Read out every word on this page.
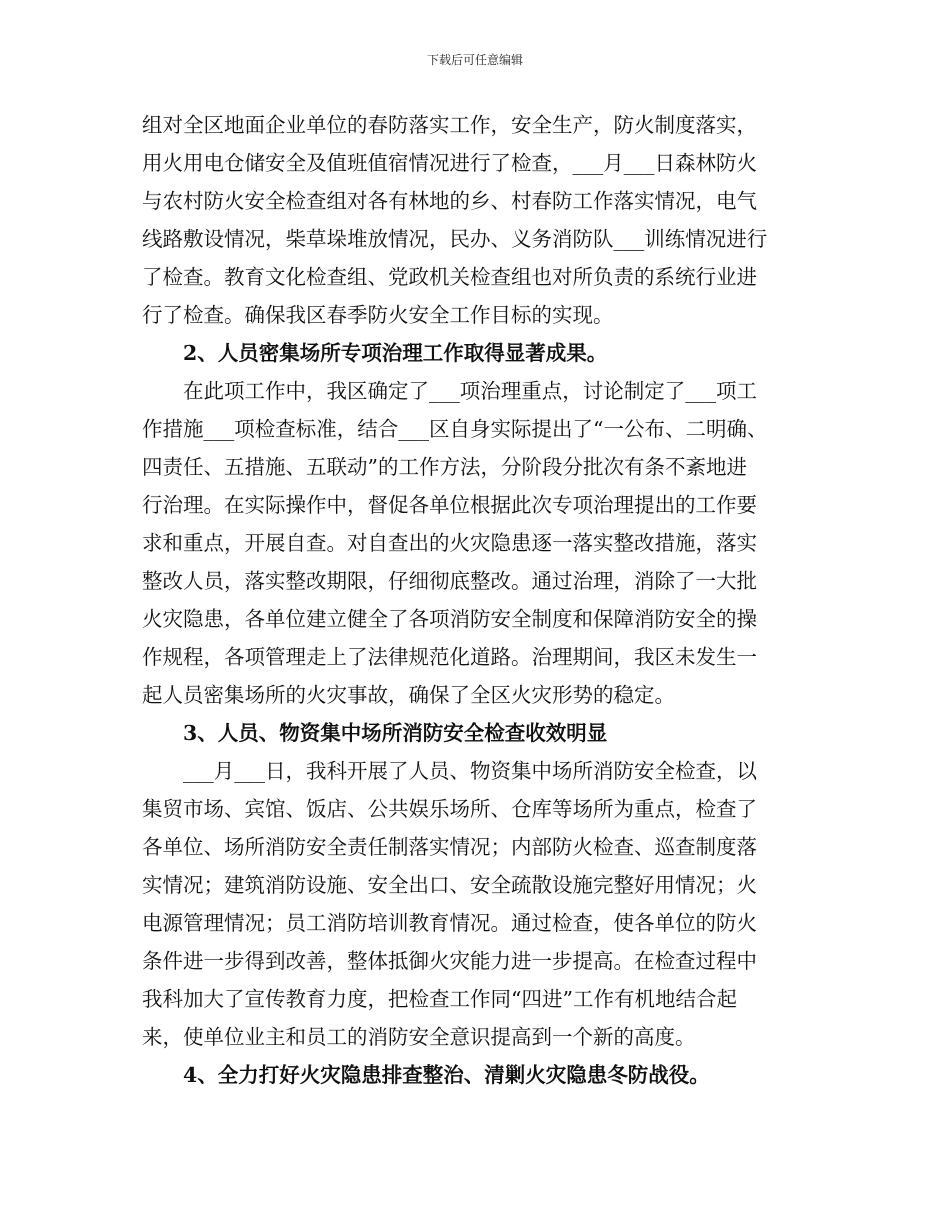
下载后可任意编辑
组对全区地面企业单位的春防落实工作，安全生产，防火制度落实，
用火用电仓储安全及值班值宿情况进行了检查，___月___日森林防火
与农村防火安全检查组对各有林地的乡、村春防工作落实情况，电气
线路敷设情况，柴草垛堆放情况，民办、义务消防队___训练情况进行
了检查。教育文化检查组、党政机关检查组也对所负责的系统行业进
行了检查。确保我区春季防火安全工作目标的实现。
2、人员密集场所专项治理工作取得显著成果。
在此项工作中，我区确定了___项治理重点，讨论制定了___项工
作措施___项检查标准，结合___区自身实际提出了“一公布、二明确、
四责任、五措施、五联动”的工作方法，分阶段分批次有条不紊地进
行治理。在实际操作中，督促各单位根据此次专项治理提出的工作要
求和重点，开展自查。对自查出的火灾隐患逐一落实整改措施，落实
整改人员，落实整改期限，仔细彻底整改。通过治理，消除了一大批
火灾隐患，各单位建立健全了各项消防安全制度和保障消防安全的操
作规程，各项管理走上了法律规范化道路。治理期间，我区未发生一
起人员密集场所的火灾事故，确保了全区火灾形势的稳定。
3、人员、物资集中场所消防安全检查收效明显
___月___日，我科开展了人员、物资集中场所消防安全检查，以
集贸市场、宾馆、饭店、公共娱乐场所、仓库等场所为重点，检查了
各单位、场所消防安全责任制落实情况；内部防火检查、巡查制度落
实情况；建筑消防设施、安全出口、安全疏散设施完整好用情况；火
电源管理情况；员工消防培训教育情况。通过检查，使各单位的防火
条件进一步得到改善，整体抵御火灾能力进一步提高。在检查过程中
我科加大了宣传教育力度，把检查工作同“四进”工作有机地结合起
来，使单位业主和员工的消防安全意识提高到一个新的高度。
4、全力打好火灾隐患排查整治、清剿火灾隐患冬防战役。
